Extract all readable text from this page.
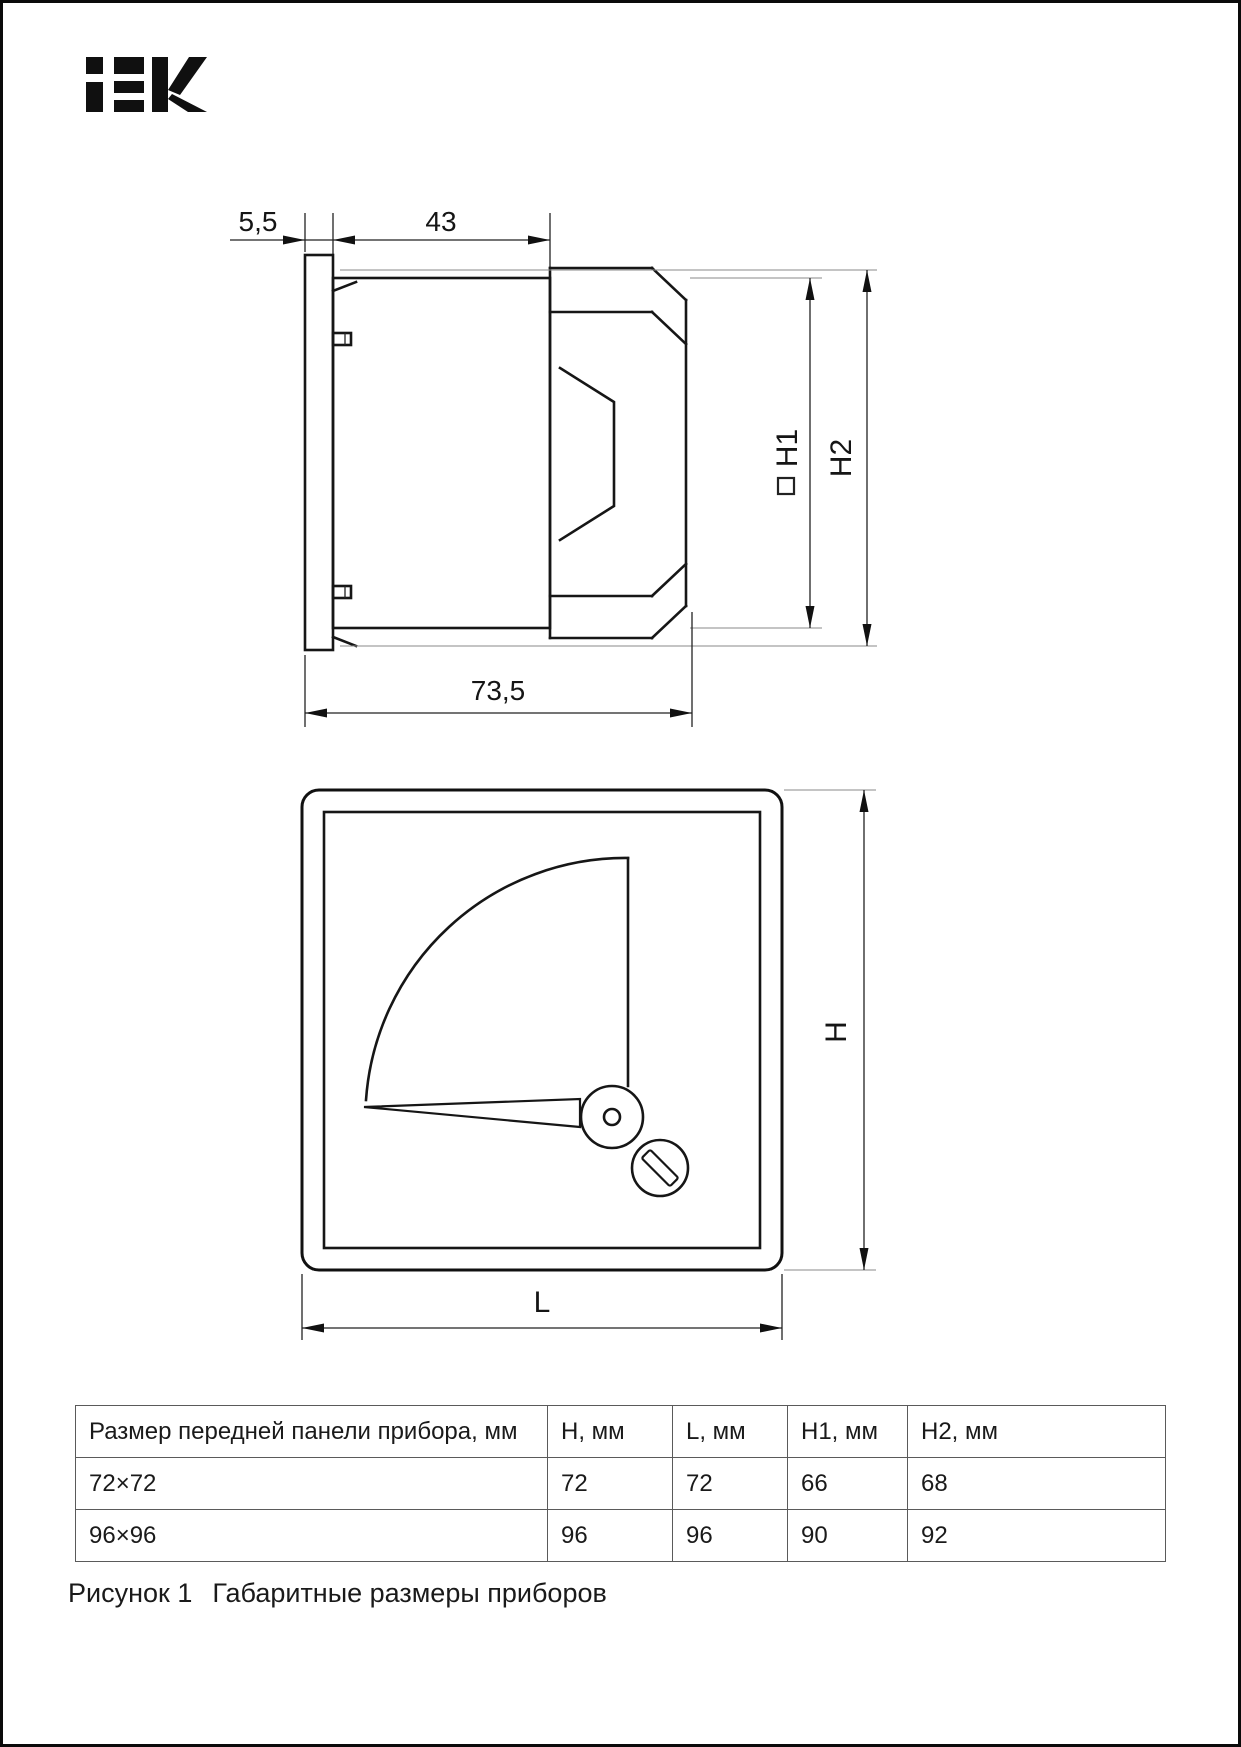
5,5	43
H1 H2
73,5
L
H
Размер передней панели прибора, мм	H, мм	L, мм	H1, мм	H2, мм
72×72	72	72	66	68
96×96	96	96	90	92
Рисунок 1 Габаритные размеры приборов
